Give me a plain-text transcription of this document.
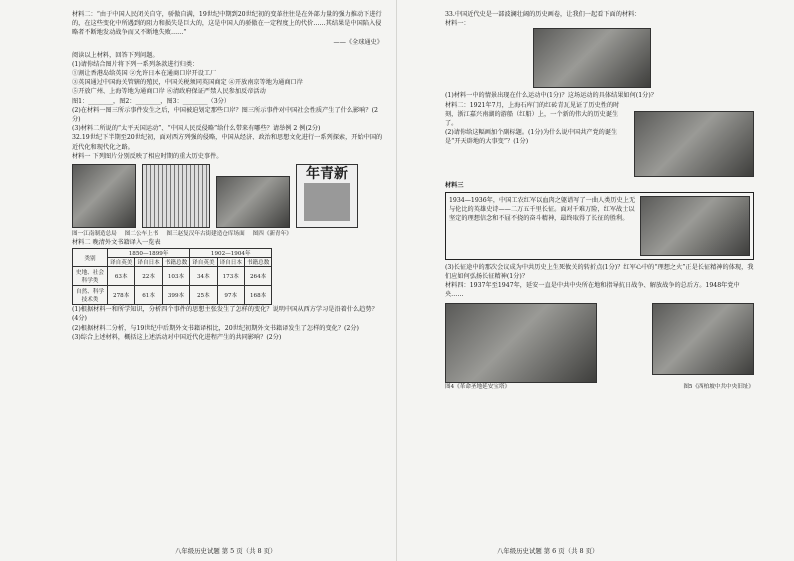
材料二：“由于中国人民闭关自守，骄傲自满，19世纪中期到20世纪初的变革往往是在外部力量的强力推动下进行的，在这些变化中所遇到的阻力和损失是巨大的，这是中国人的骄傲在一定程度上的代价……其结果是中国陷入侵略者不断地发动战争而又不断地失败……”

——《全球通史》

阅读以上材料，回答下列问题。

(1)请你结合图片将下列一系列条款进行归类：

①割让香港岛给英国 ②允许日本在通商口岸开设工厂

③英国通过中国海关管辖的殖民，中国关税须同英国商定 ④开放南京等地为通商口岸

⑤开放广州、上海等地为通商口岸 ⑥清政府保证严禁人民参加反帝活动

图1：________，图2：________，图3：________（3分）

(2)在材料一图三所示事件发生之后，中国被迫划定那些口岸？图三所示事件对中国社会性质产生了什么影响？(2分)

(3)材料二所说的“太平天国运动”、“中国人民反侵略”给什么带来有哪些？请举例 2 例(2分)

32.19世纪下半期至20世纪初，面对西方列强的侵略，中国从经济、政治和思想文化进行一系列探索，开始中国的近代化和现代化之路。

材料一 下列图片分别反映了相应时期的重大历史事件。

年青新
图一江南制造总局 图二公车上书 图三赵复汉年古街建造仓库场面 图四《新青年》

材料二 晚清外文书籍译入一览表

类别	1850—1899年			1902—1904年		
	译自英美	译自日本	书籍总数	译自英美	译自日本	书籍总数
史地、社会科学类	63本	22本	103本	34本	173本	264本
自然、科学技术类	278本	61本	399本	25本	97本	168本

(1)根据材料一和所学知识，分析四个事件的思想主张发生了怎样的变化？说明中国从西方学习是沿着什么趋势？(4分)

(2)根据材料二分析，与19世纪中后期外文书籍译相比，20世纪初期外文书籍译发生了怎样的变化？(2分)

(3)综合上述材料，概括这上述活动对中国近代化进程产生的共同影响？(2分)

八年级历史试题 第 5 页（共 8 页）

33.中国近代史是一部波澜壮阔的历史画卷，让我们一起看下面的材料：

材料一：

(1)材料一中的情景出现在什么运动中(1分)？这场运动的具体结果如何(1分)？

材料二：1921年7月，上海石库门的红砖青瓦见证了历史性的时刻，浙江嘉兴南湖的游船（红船）上，一个新的伟大的历史诞生了。

(2)请你给这幅画加个副标题。(1分)为什么说中国共产党的诞生是“开天辟地的大事变”？(1分)

材料三

1934—1936年，中国工农红军以血肉之躯谱写了一曲人类历史上无与伦比的英雄史诗——二万五千里长征。面对千难万险，红军战士以坚定的理想信念和不屈不挠的奋斗精神，最终取得了长征的胜利。

(3)长征途中的那次会议成为中共历史上生死攸关的转折点(1分)？红军心中的“理想之火”正是长征精神的体现，我们应如何弘扬长征精神(1分)？

材料四：1937年至1947年，延安一直是中共中央所在地和指导抗日战争、解放战争的总后方。1948年党中央……

图4《革命圣地延安宝塔》	图5《西柏坡中共中央旧址》
八年级历史试题 第 6 页（共 8 页）
